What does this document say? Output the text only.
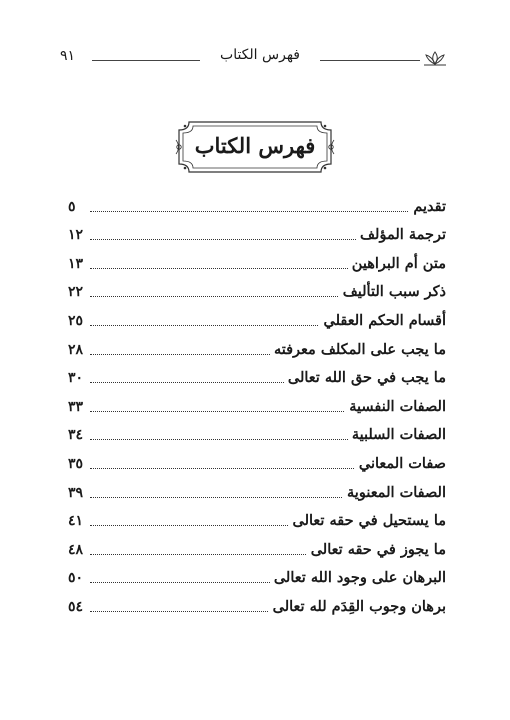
٩١	فهرس الكتاب
فهرس الكتاب
تقديم
٥
ترجمة المؤلف
١٢
متن أم البراهين
١٣
ذكر سبب التأليف
٢٢
أقسام الحكم العقلي
٢٥
ما يجب على المكلف معرفته
٢٨
ما يجب في حق الله تعالى
٣٠
الصفات النفسية
٣٣
الصفات السلبية
٣٤
صفات المعاني
٣٥
الصفات المعنوية
٣٩
ما يستحيل في حقه تعالى
٤١
ما يجوز في حقه تعالى
٤٨
البرهان على وجود الله تعالى
٥٠
برهان وجوب القِدَم لله تعالى
٥٤
